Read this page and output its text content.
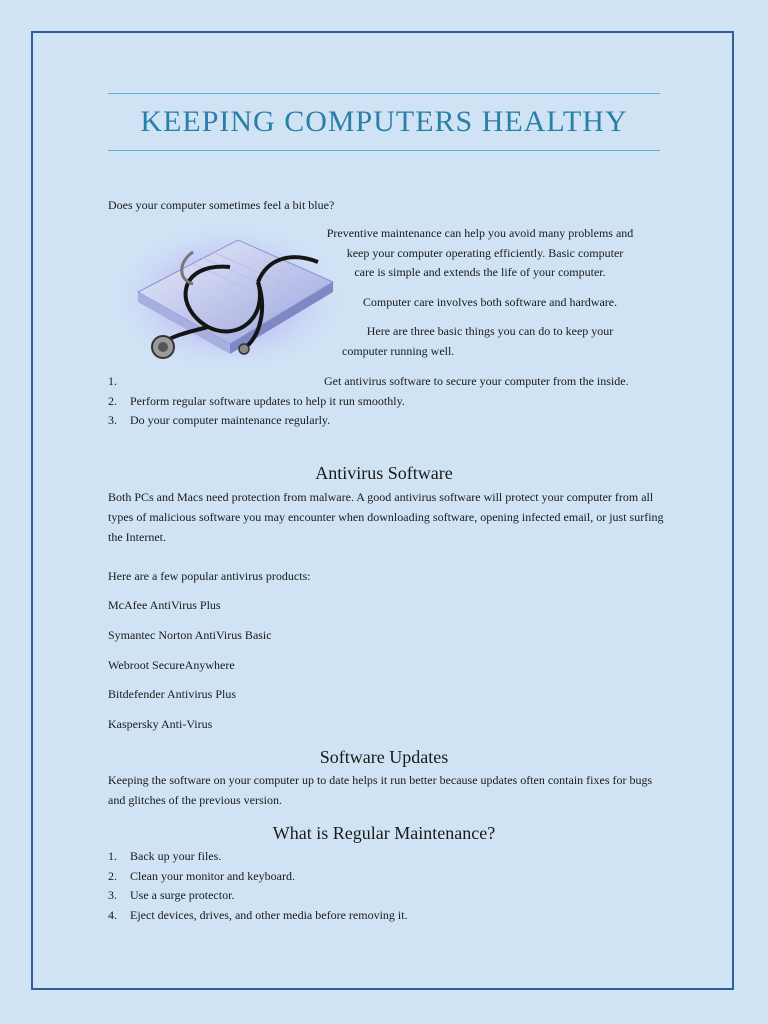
KEEPING COMPUTERS HEALTHY

Does your computer sometimes feel a bit blue?

Preventive maintenance can help you avoid many problems and
keep your computer operating efficiently. Basic computer
care is simple and extends the life of your computer.
Computer care involves both software and hardware.
Here are three basic things you can do to keep your
computer running well.
1.	Get antivirus software to secure your computer from the inside.

2. Perform regular software updates to help it run smoothly.
3. Do your computer maintenance regularly.
Antivirus Software

Both PCs and Macs need protection from malware. A good antivirus software will protect your computer from all types of malicious software you may encounter when downloading software, opening infected email, or just surfing the Internet.

Here are a few popular antivirus products:

McAfee AntiVirus Plus
Symantec Norton AntiVirus Basic
Webroot SecureAnywhere
Bitdefender Antivirus Plus
Kaspersky Anti-Virus
Software Updates

Keeping the software on your computer up to date helps it run better because updates often contain fixes for bugs and glitches of the previous version.

What is Regular Maintenance?
1. Back up your files.
2. Clean your monitor and keyboard.
3. Use a surge protector.
4. Eject devices, drives, and other media before removing it.
